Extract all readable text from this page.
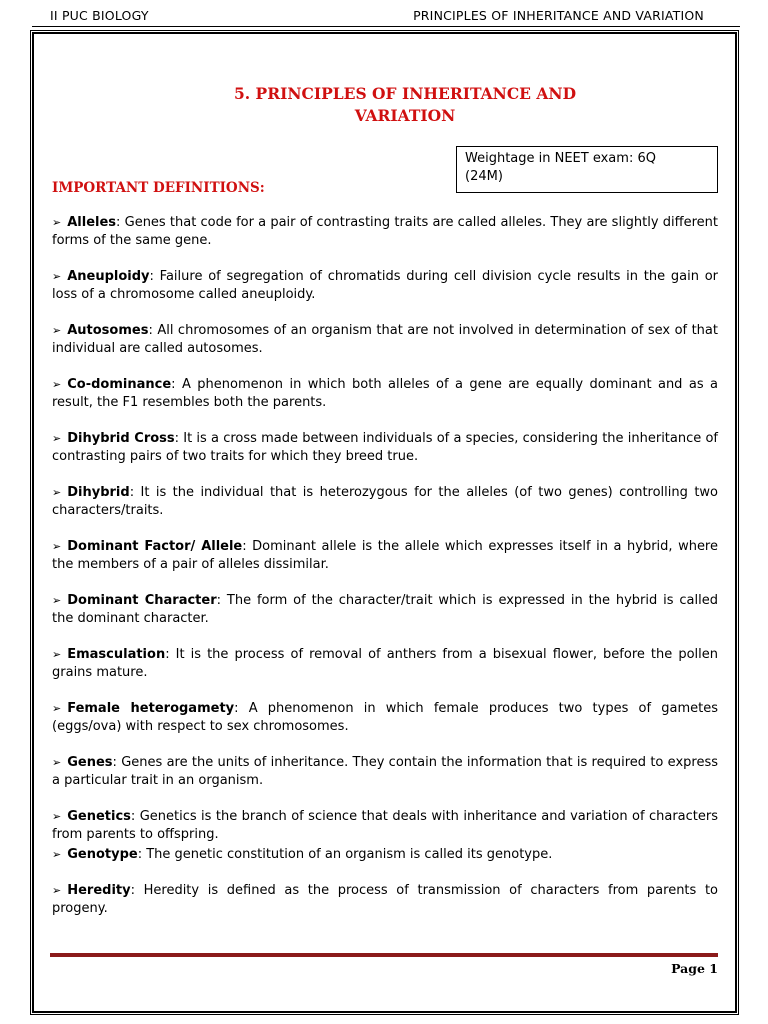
II PUC BIOLOGY	PRINCIPLES OF INHERITANCE AND VARIATION
5. PRINCIPLES OF INHERITANCE AND
VARIATION
Weightage in NEET exam: 6Q
(24M)
IMPORTANT DEFINITIONS:

➢ Alleles: Genes that code for a pair of contrasting traits are called alleles. They are slightly different forms of the same gene.

➢ Aneuploidy: Failure of segregation of chromatids during cell division cycle results in the gain or loss of a chromosome called aneuploidy.

➢ Autosomes: All chromosomes of an organism that are not involved in determination of sex of that individual are called autosomes.

➢ Co-dominance: A phenomenon in which both alleles of a gene are equally dominant and as a result, the F1 resembles both the parents.

➢ Dihybrid Cross: It is a cross made between individuals of a species, considering the inheritance of contrasting pairs of two traits for which they breed true.

➢ Dihybrid: It is the individual that is heterozygous for the alleles (of two genes) controlling two characters/traits.

➢ Dominant Factor/ Allele: Dominant allele is the allele which expresses itself in a hybrid, where the members of a pair of alleles dissimilar.

➢ Dominant Character: The form of the character/trait which is expressed in the hybrid is called the dominant character.

➢ Emasculation: It is the process of removal of anthers from a bisexual flower, before the pollen grains mature.

➢ Female heterogamety: A phenomenon in which female produces two types of gametes (eggs/ova) with respect to sex chromosomes.

➢ Genes: Genes are the units of inheritance. They contain the information that is required to express a particular trait in an organism.

➢ Genetics: Genetics is the branch of science that deals with inheritance and variation of characters from parents to offspring.

➢ Genotype: The genetic constitution of an organism is called its genotype.

➢ Heredity: Heredity is defined as the process of transmission of characters from parents to progeny.

Page 1
